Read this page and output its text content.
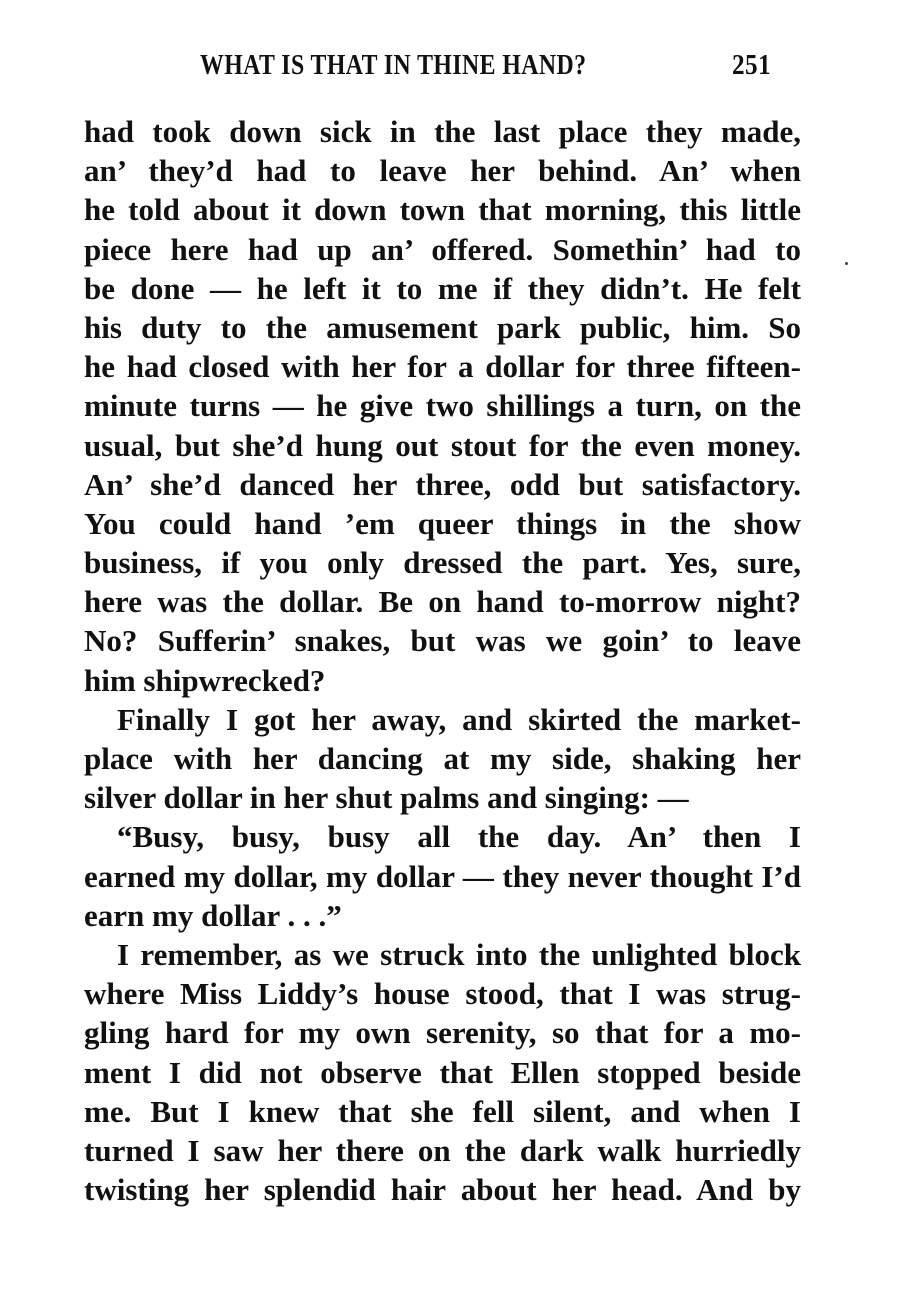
WHAT IS THAT IN THINE HAND?	251
had took down sick in the last place they made,
an’ they’d had to leave her behind. An’ when
he told about it down town that morning, this little
piece here had up an’ offered. Somethin’ had to
be done — he left it to me if they didn’t. He felt
his duty to the amusement park public, him. So
he had closed with her for a dollar for three fifteen-
minute turns — he give two shillings a turn, on the
usual, but she’d hung out stout for the even money.
An’ she’d danced her three, odd but satisfactory.
You could hand ’em queer things in the show
business, if you only dressed the part. Yes, sure,
here was the dollar. Be on hand to-morrow night?
No? Sufferin’ snakes, but was we goin’ to leave
him shipwrecked?
Finally I got her away, and skirted the market-
place with her dancing at my side, shaking her
silver dollar in her shut palms and singing: —
“Busy, busy, busy all the day. An’ then I
earned my dollar, my dollar — they never thought I’d
earn my dollar . . .”
I remember, as we struck into the unlighted block
where Miss Liddy’s house stood, that I was strug-
gling hard for my own serenity, so that for a mo-
ment I did not observe that Ellen stopped beside
me. But I knew that she fell silent, and when I
turned I saw her there on the dark walk hurriedly
twisting her splendid hair about her head. And by
